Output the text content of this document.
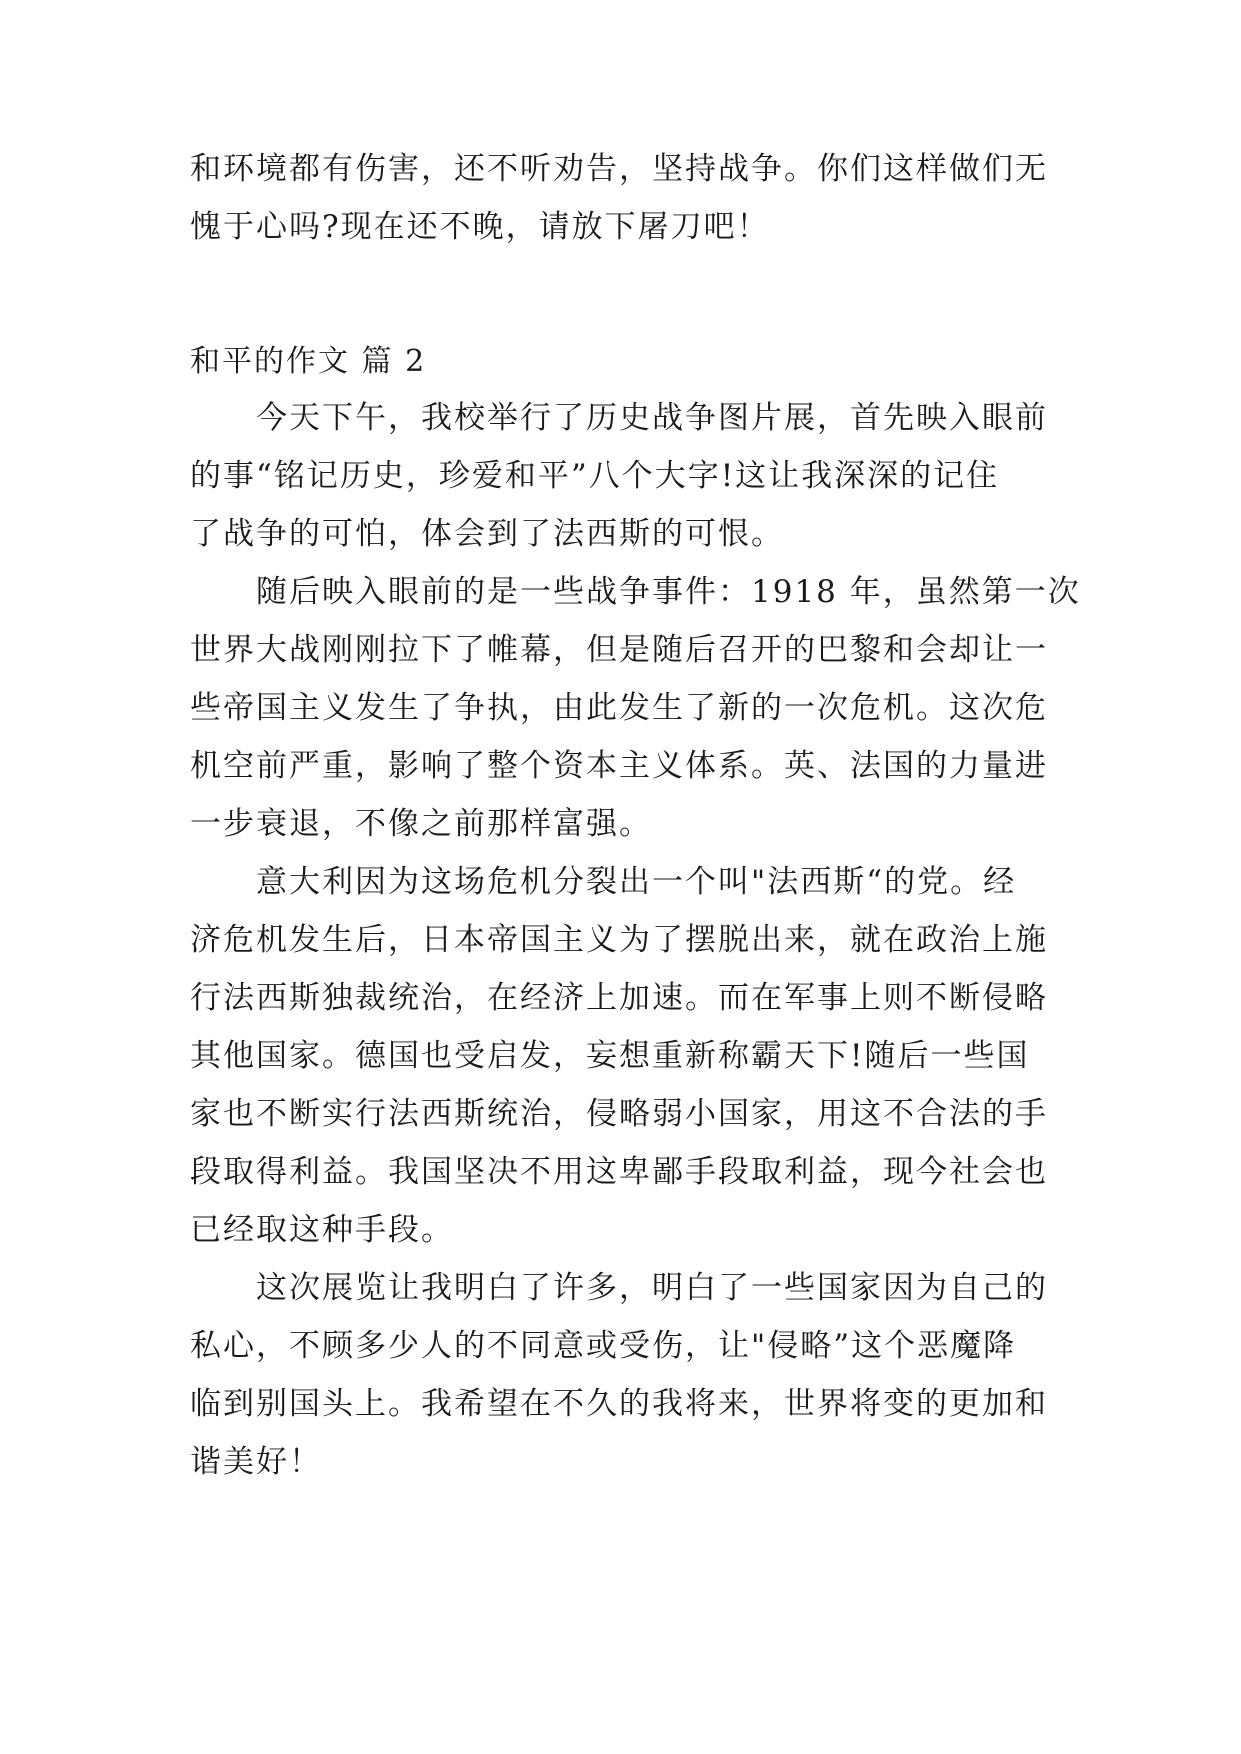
和环境都有伤害，还不听劝告，坚持战争。你们这样做们无
愧于心吗?现在还不晚，请放下屠刀吧！
和平的作文 篇 2
今天下午，我校举行了历史战争图片展，首先映入眼前
的事“铭记历史，珍爱和平”八个大字!这让我深深的记住
了战争的可怕，体会到了法西斯的可恨。
随后映入眼前的是一些战争事件：1918 年，虽然第一次
世界大战刚刚拉下了帷幕，但是随后召开的巴黎和会却让一
些帝国主义发生了争执，由此发生了新的一次危机。这次危
机空前严重，影响了整个资本主义体系。英、法国的力量进
一步衰退，不像之前那样富强。
意大利因为这场危机分裂出一个叫"法西斯“的党。经
济危机发生后，日本帝国主义为了摆脱出来，就在政治上施
行法西斯独裁统治，在经济上加速。而在军事上则不断侵略
其他国家。德国也受启发，妄想重新称霸天下!随后一些国
家也不断实行法西斯统治，侵略弱小国家，用这不合法的手
段取得利益。我国坚决不用这卑鄙手段取利益，现今社会也
已经取这种手段。
这次展览让我明白了许多，明白了一些国家因为自己的
私心，不顾多少人的不同意或受伤，让"侵略”这个恶魔降
临到别国头上。我希望在不久的我将来，世界将变的更加和
谐美好！
